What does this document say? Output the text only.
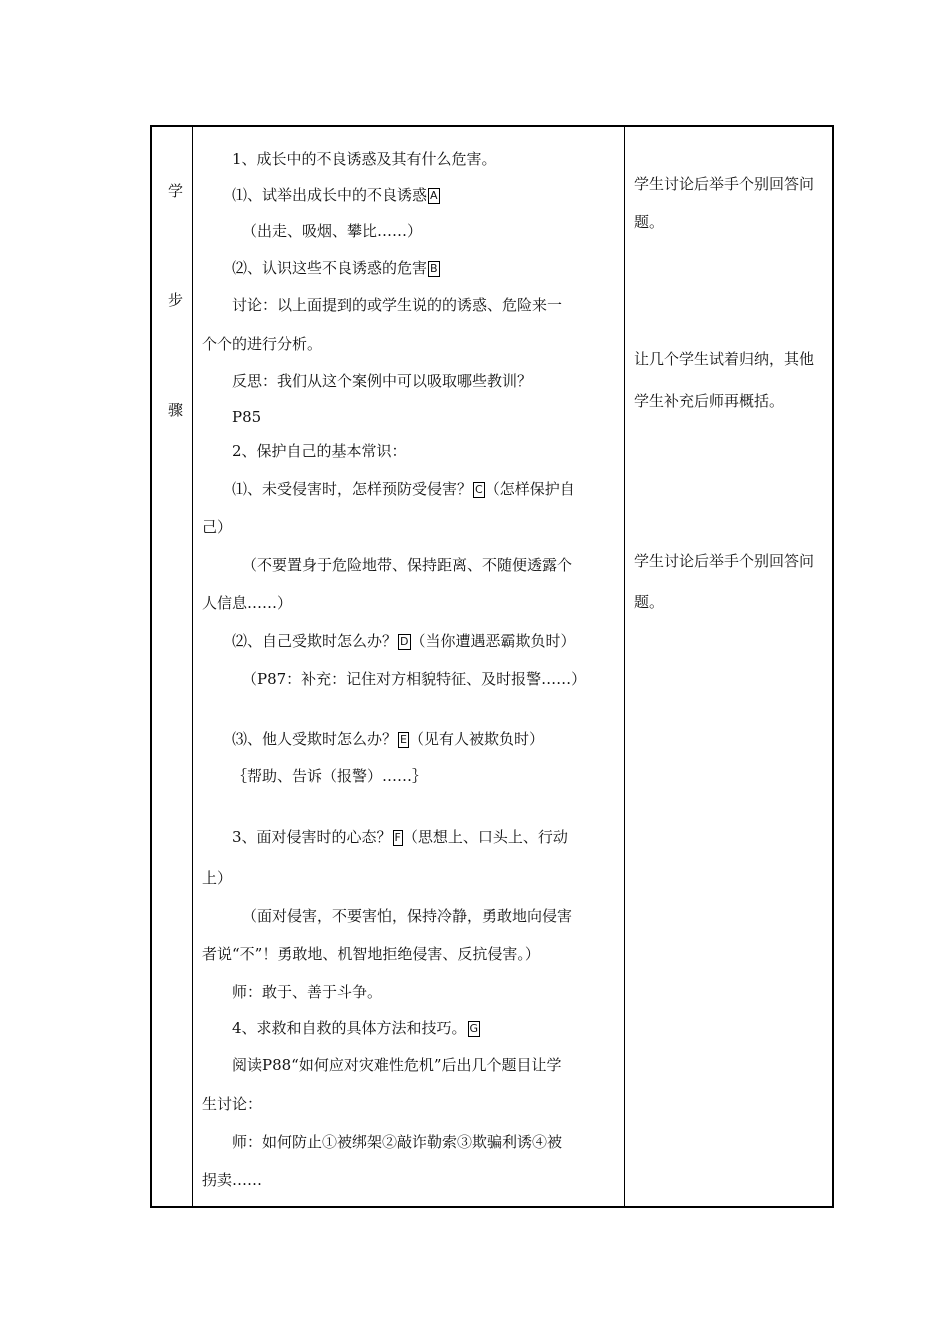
学
步
骤
1、成长中的不良诱惑及其有什么危害。
⑴、试举出成长中的不良诱惑 A
（出走、吸烟、攀比……）
⑵、认识这些不良诱惑的危害 B
讨论：以上面提到的或学生说的的诱惑、危险来一
个个的进行分析。
反思：我们从这个案例中可以吸取哪些教训？
P85
2、保护自己的基本常识：
⑴、未受侵害时，怎样预防受侵害？ C （怎样保护自
己）
（不要置身于危险地带、保持距离、不随便透露个
人信息……）
⑵、自己受欺时怎么办？ D （当你遭遇恶霸欺负时）
（P87：补充：记住对方相貌特征、及时报警……）
⑶、他人受欺时怎么办？ E （见有人被欺负时）
｛帮助、告诉（报警）……｝
3、面对侵害时的心态？ F （思想上、口头上、行动
上）
（面对侵害，不要害怕，保持冷静，勇敢地向侵害
者说“不”！勇敢地、机智地拒绝侵害、反抗侵害。）
师：敢于、善于斗争。
4、求救和自救的具体方法和技巧。 G
阅读P88“如何应对灾难性危机”后出几个题目让学
生讨论：
师：如何防止①被绑架②敲诈勒索③欺骗利诱④被
拐卖……
学生讨论后举手个别回答问
题。
让几个学生试着归纳，其他
学生补充后师再概括。
学生讨论后举手个别回答问
题。
